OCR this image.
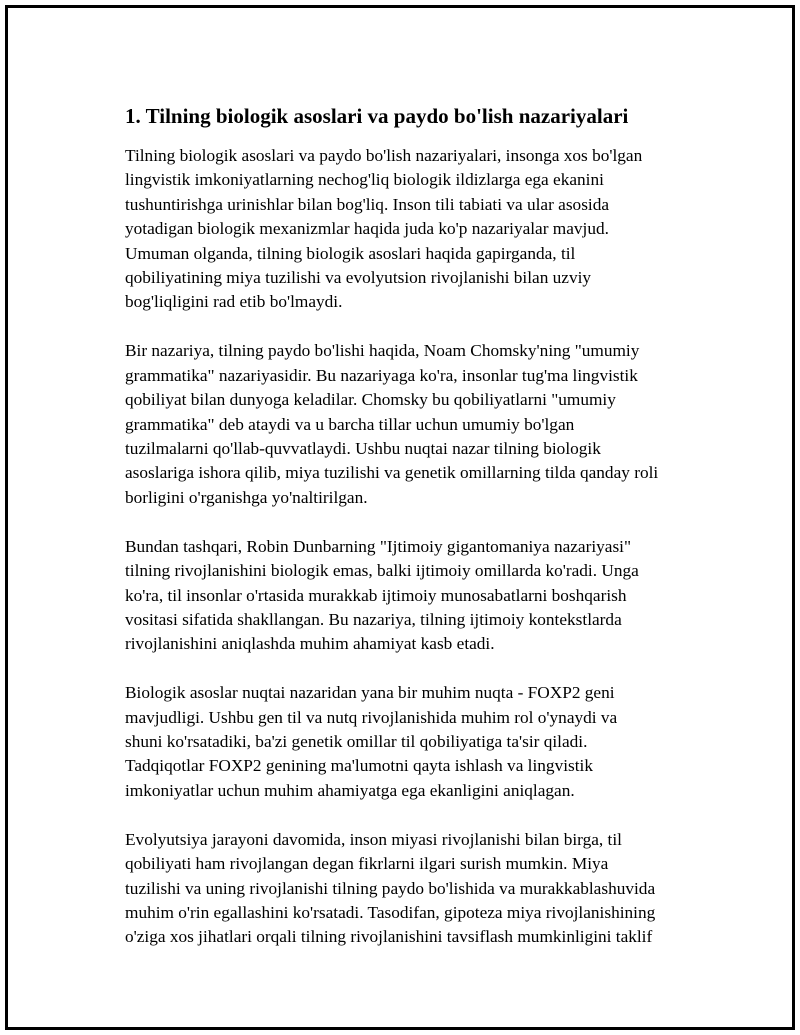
1. Tilning biologik asoslari va paydo bo'lish nazariyalari

Tilning biologik asoslari va paydo bo'lish nazariyalari, insonga xos bo'lgan
lingvistik imkoniyatlarning nechog'liq biologik ildizlarga ega ekanini
tushuntirishga urinishlar bilan bog'liq. Inson tili tabiati va ular asosida
yotadigan biologik mexanizmlar haqida juda ko'p nazariyalar mavjud.
Umuman olganda, tilning biologik asoslari haqida gapirganda, til
qobiliyatining miya tuzilishi va evolyutsion rivojlanishi bilan uzviy
bog'liqligini rad etib bo'lmaydi.

Bir nazariya, tilning paydo bo'lishi haqida, Noam Chomsky'ning "umumiy
grammatika" nazariyasidir. Bu nazariyaga ko'ra, insonlar tug'ma lingvistik
qobiliyat bilan dunyoga keladilar. Chomsky bu qobiliyatlarni "umumiy
grammatika" deb ataydi va u barcha tillar uchun umumiy bo'lgan
tuzilmalarni qo'llab-quvvatlaydi. Ushbu nuqtai nazar tilning biologik
asoslariga ishora qilib, miya tuzilishi va genetik omillarning tilda qanday roli
borligini o'rganishga yo'naltirilgan.

Bundan tashqari, Robin Dunbarning "Ijtimoiy gigantomaniya nazariyasi"
tilning rivojlanishini biologik emas, balki ijtimoiy omillarda ko'radi. Unga
ko'ra, til insonlar o'rtasida murakkab ijtimoiy munosabatlarni boshqarish
vositasi sifatida shakllangan. Bu nazariya, tilning ijtimoiy kontekstlarda
rivojlanishini aniqlashda muhim ahamiyat kasb etadi.

Biologik asoslar nuqtai nazaridan yana bir muhim nuqta - FOXP2 geni
mavjudligi. Ushbu gen til va nutq rivojlanishida muhim rol o'ynaydi va
shuni ko'rsatadiki, ba'zi genetik omillar til qobiliyatiga ta'sir qiladi.
Tadqiqotlar FOXP2 genining ma'lumotni qayta ishlash va lingvistik
imkoniyatlar uchun muhim ahamiyatga ega ekanligini aniqlagan.

Evolyutsiya jarayoni davomida, inson miyasi rivojlanishi bilan birga, til
qobiliyati ham rivojlangan degan fikrlarni ilgari surish mumkin. Miya
tuzilishi va uning rivojlanishi tilning paydo bo'lishida va murakkablashuvida
muhim o'rin egallashini ko'rsatadi. Tasodifan, gipoteza miya rivojlanishining
o'ziga xos jihatlari orqali tilning rivojlanishini tavsiflash mumkinligini taklif
